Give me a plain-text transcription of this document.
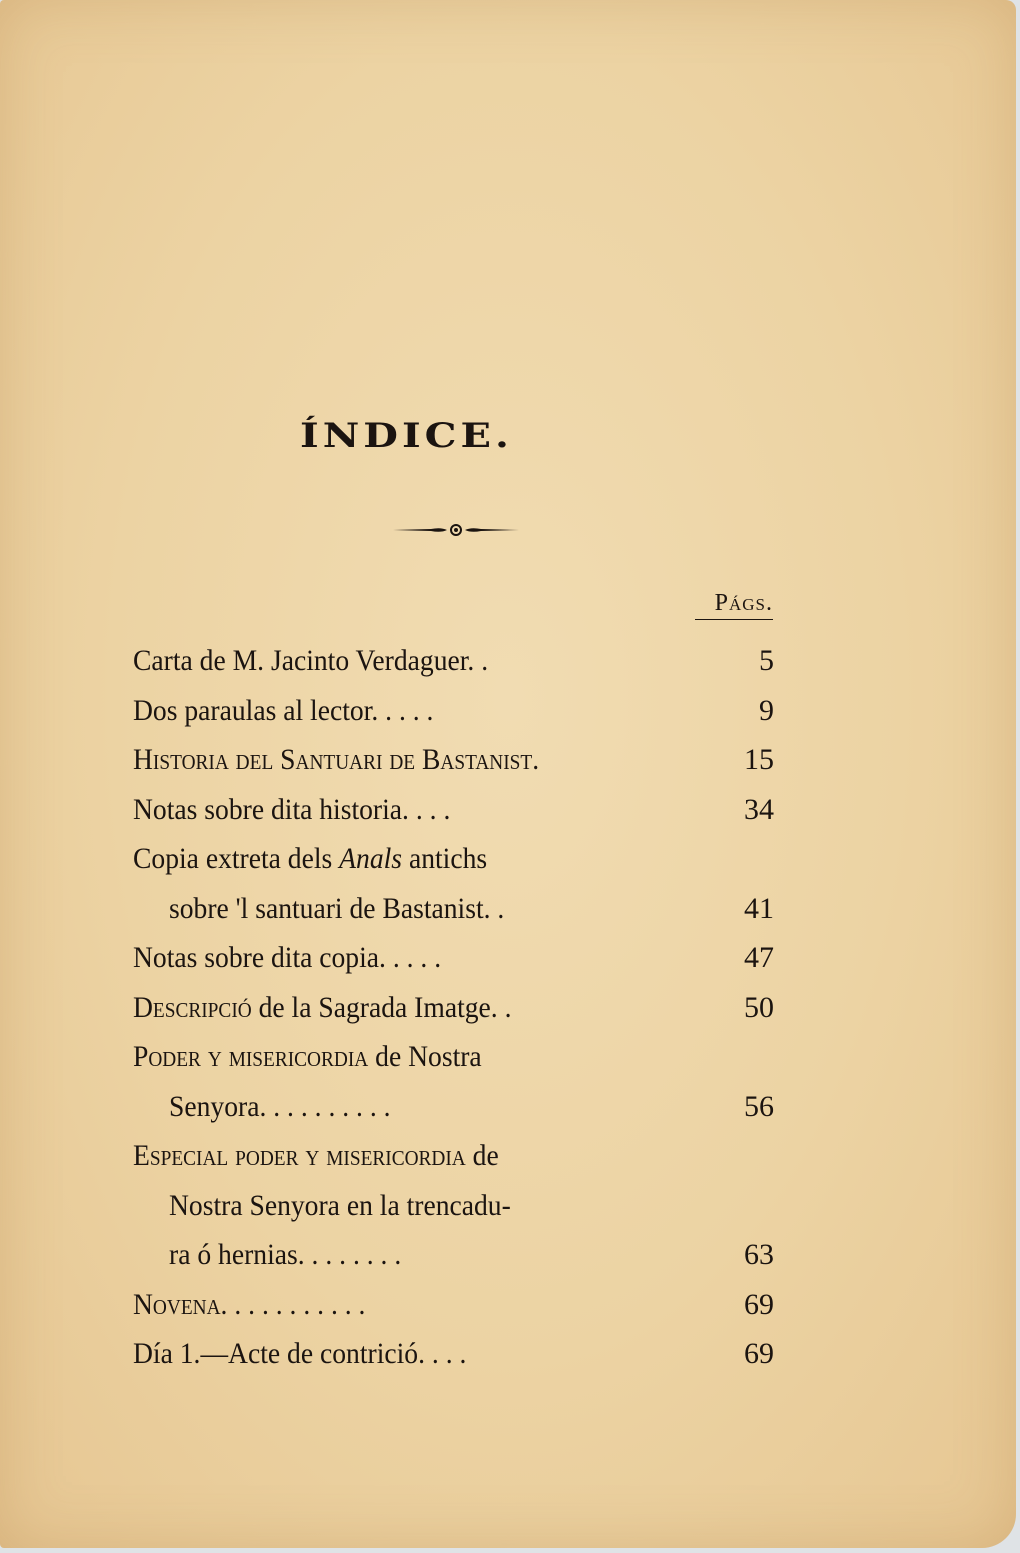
ÍNDICE.
Págs.
Carta de M. Jacinto Verdaguer. .	5
Dos paraulas al lector. . . . .	9
Historia del Santuari de Bastanist.	15
Notas sobre dita historia. . . .	34
Copia extreta dels Anals antichs
sobre 'l santuari de Bastanist. .	41
Notas sobre dita copia. . . . .	47
Descripció de la Sagrada Imatge. .	50
Poder y misericordia de Nostra
Senyora. . . . . . . . . .	56
Especial poder y misericordia de
Nostra Senyora en la trencadu-
ra ó hernias. . . . . . . .	63
Novena. . . . . . . . . . .	69
Día 1.—Acte de contrició. . . .	69
